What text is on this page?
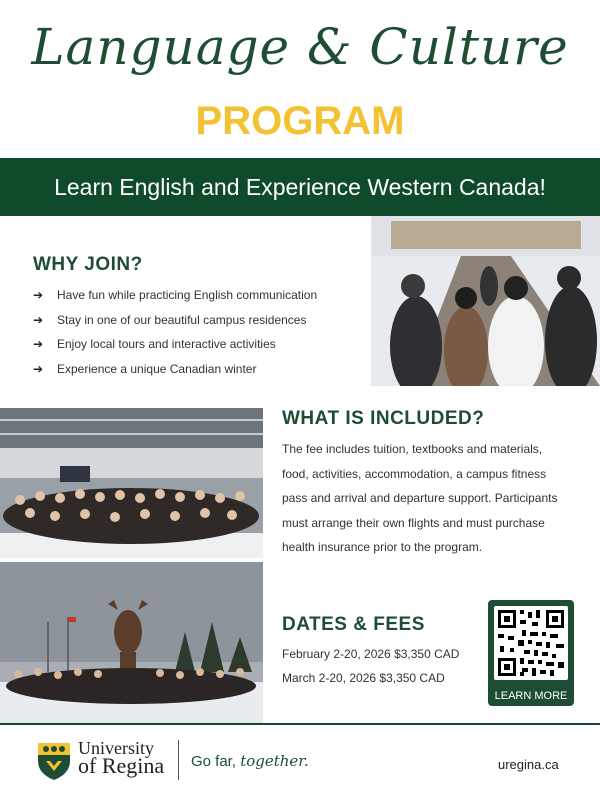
Language & Culture
PROGRAM
Learn English and Experience Western Canada!
WHY JOIN?
➔	Have fun while practicing English communication
➔	Stay in one of our beautiful campus residences
➔	Enjoy local tours and interactive activities
➔	Experience a unique Canadian winter
WHAT IS INCLUDED?
The fee includes tuition, textbooks and materials, food, activities, accommodation, a campus fitness pass and arrival and departure support. Participants must arrange their own flights and must purchase health insurance prior to the program.
DATES & FEES
February 2-20, 2026 $3,350 CAD
March 2-20, 2026 $3,350 CAD
LEARN MORE
University
of Regina Go far, together.	uregina.ca
